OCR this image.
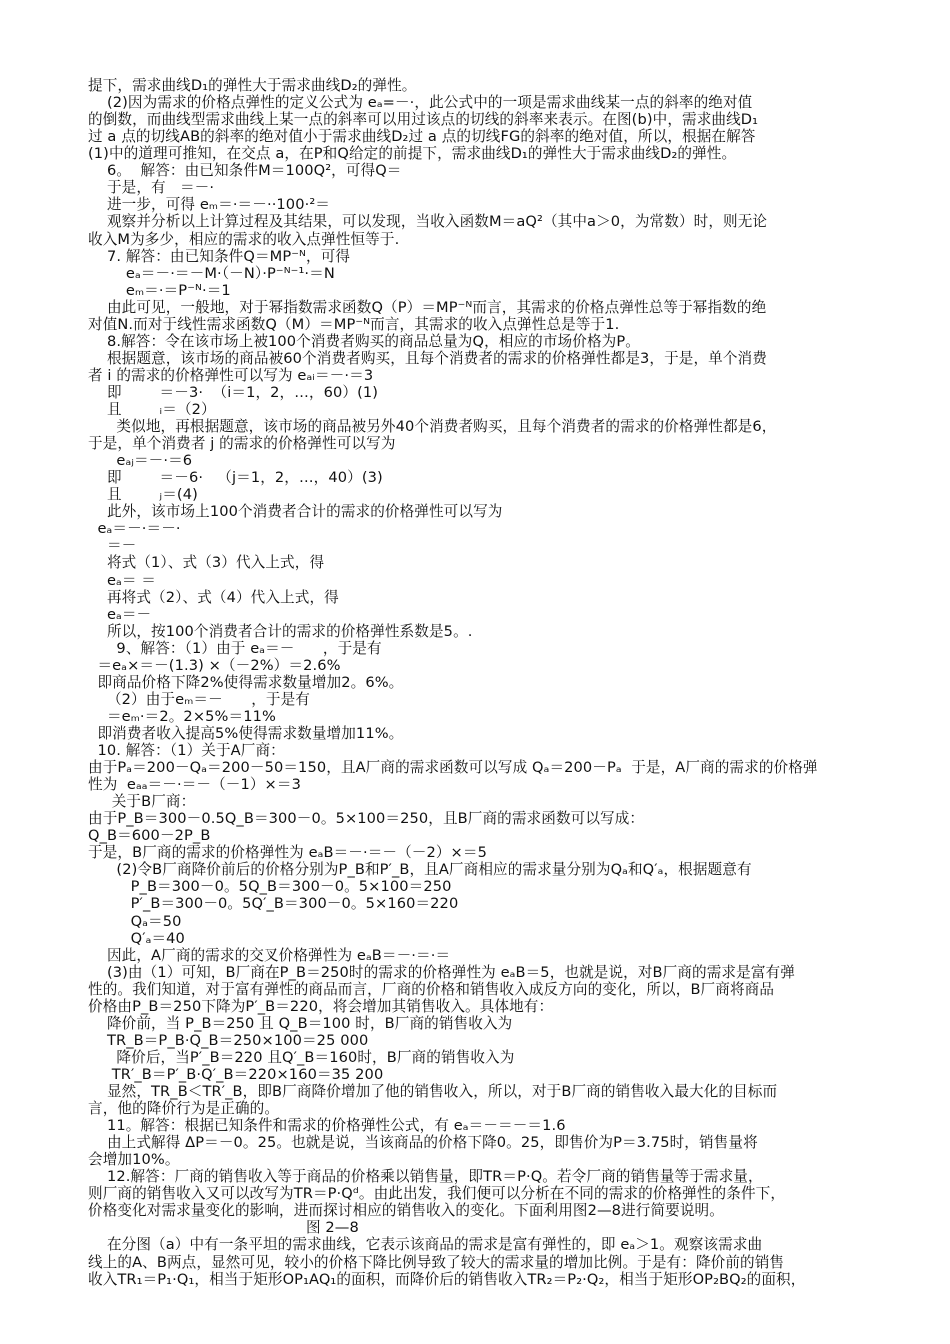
提下，需求曲线D₁的弹性大于需求曲线D₂的弹性。
(2)因为需求的价格点弹性的定义公式为 eₐ=－·，此公式中的一项是需求曲线某一点的斜率的绝对值
的倒数，而曲线型需求曲线上某一点的斜率可以用过该点的切线的斜率来表示。在图(b)中，需求曲线D₁
过 a 点的切线AB的斜率的绝对值小于需求曲线D₂过 a 点的切线FG的斜率的绝对值，所以，根据在解答
(1)中的道理可推知，在交点 a，在P和Q给定的前提下，需求曲线D₁的弹性大于需求曲线D₂的弹性。
6。  解答：由已知条件M＝100Q²，可得Q＝
于是，有   ＝－·
进一步，可得 eₘ＝·＝－··100·²＝
观察并分析以上计算过程及其结果，可以发现，当收入函数M＝aQ²（其中a＞0，为常数）时，则无论
收入M为多少，相应的需求的收入点弹性恒等于.
7. 解答：由已知条件Q＝MP⁻ᴺ，可得
eₐ＝－·＝－M·（－N）·P⁻ᴺ⁻¹·＝N
eₘ＝·＝P⁻ᴺ·＝1
由此可见，一般地，对于幂指数需求函数Q（P）＝MP⁻ᴺ而言，其需求的价格点弹性总等于幂指数的绝
对值N.而对于线性需求函数Q（M）＝MP⁻ᴺ而言，其需求的收入点弹性总是等于1.
8.解答：令在该市场上被100个消费者购买的商品总量为Q，相应的市场价格为P。
根据题意，该市场的商品被60个消费者购买，且每个消费者的需求的价格弹性都是3，于是，单个消费
者 i 的需求的价格弹性可以写为 eₐᵢ＝－·＝3
即        ＝－3·  （i＝1，2，…，60）(1)
且        ᵢ＝（2）
类似地，再根据题意，该市场的商品被另外40个消费者购买，且每个消费者的需求的价格弹性都是6，
于是，单个消费者 j 的需求的价格弹性可以写为
eₐⱼ＝－·＝6
即        ＝－6·   （j＝1，2，…，40）(3)
且        ⱼ＝(4)
此外，该市场上100个消费者合计的需求的价格弹性可以写为
eₐ＝－·＝－·
＝－
将式（1）、式（3）代入上式，得
eₐ＝ ＝
再将式（2）、式（4）代入上式，得
eₐ＝－
所以，按100个消费者合计的需求的价格弹性系数是5。.
9、解答：（1）由于 eₐ＝－      ，于是有
＝eₐ×＝－(1.3) ×（－2%）＝2.6%
即商品价格下降2%使得需求数量增加2。6%。
（2）由于eₘ＝－      ，于是有
＝eₘ·＝2。2×5%＝11%
即消费者收入提高5%使得需求数量增加11%。
10. 解答：（1）关于A厂商：
由于Pₐ＝200－Qₐ＝200－50＝150，且A厂商的需求函数可以写成 Qₐ＝200－Pₐ  于是，A厂商的需求的价格弹
性为  eₐₐ＝－·＝－（－1）×＝3
关于B厂商：
由于P_B＝300－0.5Q_B＝300－0。5×100＝250，且B厂商的需求函数可以写成：
Q_B＝600－2P_B
于是，B厂商的需求的价格弹性为 eₐB＝－·＝－（－2）×＝5
(2)令B厂商降价前后的价格分别为P_B和P′_B，且A厂商相应的需求量分别为Qₐ和Q′ₐ，根据题意有
P_B＝300－0。5Q_B＝300－0。5×100＝250
P′_B＝300－0。5Q′_B＝300－0。5×160＝220
Qₐ＝50
Q′ₐ＝40
因此，A厂商的需求的交叉价格弹性为 eₐB＝－·＝·＝
(3)由（1）可知，B厂商在P_B＝250时的需求的价格弹性为 eₐB＝5，也就是说，对B厂商的需求是富有弹
性的。我们知道，对于富有弹性的商品而言，厂商的价格和销售收入成反方向的变化，所以，B厂商将商品
价格由P_B＝250下降为P′_B＝220，将会增加其销售收入。具体地有：
降价前，当 P_B＝250 且 Q_B＝100 时，B厂商的销售收入为
TR_B＝P_B·Q_B＝250×100＝25 000
降价后，当P′_B＝220 且Q′_B＝160时，B厂商的销售收入为
TR′_B＝P′_B·Q′_B＝220×160＝35 200
显然，TR_B＜TR′_B，即B厂商降价增加了他的销售收入，所以，对于B厂商的销售收入最大化的目标而
言，他的降价行为是正确的。
11。解答：根据已知条件和需求的价格弹性公式，有 eₐ＝－＝－＝1.6
由上式解得 ΔP＝－0。25。也就是说，当该商品的价格下降0。25，即售价为P＝3.75时，销售量将
会增加10%。
12.解答：厂商的销售收入等于商品的价格乘以销售量，即TR＝P·Q。若令厂商的销售量等于需求量，
则厂商的销售收入又可以改写为TR＝P·Qᵈ。由此出发，我们便可以分析在不同的需求的价格弹性的条件下，
价格变化对需求量变化的影响，进而探讨相应的销售收入的变化。下面利用图2—8进行简要说明。
图 2—8
在分图（a）中有一条平坦的需求曲线，它表示该商品的需求是富有弹性的，即 eₐ＞1。观察该需求曲
线上的A、B两点，显然可见，较小的价格下降比例导致了较大的需求量的增加比例。于是有：降价前的销售
收入TR₁＝P₁·Q₁，相当于矩形OP₁AQ₁的面积，而降价后的销售收入TR₂＝P₂·Q₂，相当于矩形OP₂BQ₂的面积，
